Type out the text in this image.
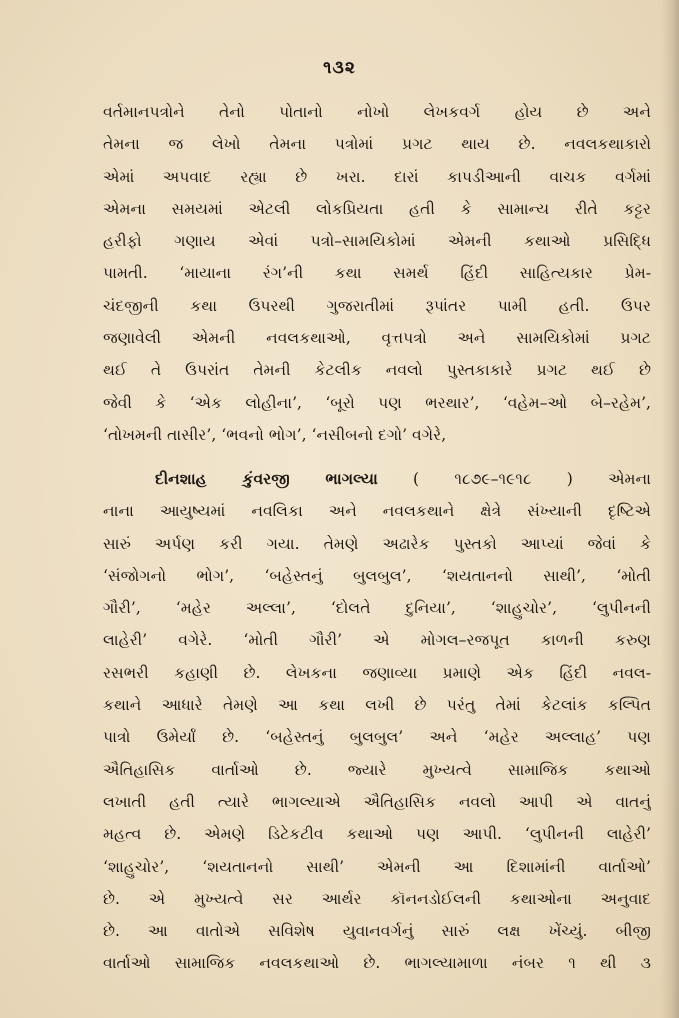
૧૩૨
વર્તમાનપત્રોને તેનો પોતાનો નોખો લેખકવર્ગ હોય છે અને
તેમના જ લેખો તેમના પત્રોમાં પ્રગટ થાય છે. નવલકથાકારો
એમાં અપવાદ રહ્યા છે ખરા. દારાં કાપડીઆની વાચક વર્ગમાં
એમના સમયમાં એટલી લોકપ્રિયતા હતી કે સામાન્ય રીતે કટ્ટર
હરીફો ગણાય એવાં પત્રો–સામયિકોમાં એમની કથાઓ પ્રસિદ્ધિ
પામતી. ‘માયાના રંગ’ની કથા સમર્થ હિંદી સાહિત્યકાર પ્રેમ-
ચંદજીની કથા ઉપરથી ગુજરાતીમાં રૂપાંતર પામી હતી. ઉપર
જણાવેલી એમની નવલકથાઓ, વૃત્તપત્રો અને સામયિકોમાં પ્રગટ
થઈ તે ઉપરાંત તેમની કેટલીક નવલો પુસ્તકાકારે પ્રગટ થઈ છે
જેવી કે ‘એક લોહીના’, ‘બૂરો પણ ભરથાર’, ‘વહેમ–ઓ બે–રહેમ’,
‘તોખમની તાસીર’, ‘ભવનો ભોગ’, ‘નસીબનો દગો’ વગેરે,
દીનશાહ કુંવરજી ભાગલ્યા ( ૧૮૭૯–૧૯૧૮ ) એમના
નાના આયુષ્યમાં નવલિકા અને નવલકથાને ક્ષેત્રે સંખ્યાની દૃષ્ટિએ
સારું અર્પણ કરી ગયા. તેમણે અઢારેક પુસ્તકો આપ્યાં જેવાં કે
‘સંજોગનો ભોગ’, ‘બહેસ્તનું બુલબુલ’, ‘શયતાનનો સાથી’, ‘મોતી
ગૌરી’, ‘મહેર અલ્લા’, ‘દોલતે દુનિયા’, ‘શાહુચોર’, ‘લુપીનની
લાહેરી’ વગેરે. ‘મોતી ગૌરી’ એ મોગલ–રજપૂત કાળની કરુણ
રસભરી કહાણી છે. લેખકના જણાવ્યા પ્રમાણે એક હિંદી નવલ-
કથાને આધારે તેમણે આ કથા લખી છે પરંતુ તેમાં કેટલાંક કલ્પિત
પાત્રો ઉમેર્યાં છે. ‘બહેસ્તનું બુલબુલ’ અને ‘મહેર અલ્લાહ’ પણ
ઐતિહાસિક વાર્તાઓ છે. જ્યારે મુખ્યત્વે સામાજિક કથાઓ
લખાતી હતી ત્યારે ભાગલ્યાએ ઐતિહાસિક નવલો આપી એ વાતનું
મહત્વ છે. એમણે ડિટેકટીવ કથાઓ પણ આપી. ‘લુપીનની લાહેરી’
‘શાહુચોર’, ‘શયતાનનો સાથી’ એમની આ દિશામાંની વાર્તાઓ’
છે. એ મુખ્યત્વે સર આર્થર કૉનનડોઈલની કથાઓના અનુવાદ
છે. આ વાતોએ સવિશેષ યુવાનવર્ગનું સારું લક્ષ ખેંચ્યું. બીજી
વાર્તાઓ સામાજિક નવલકથાઓ છે. ભાગલ્યામાળા નંબર ૧ થી ૩
